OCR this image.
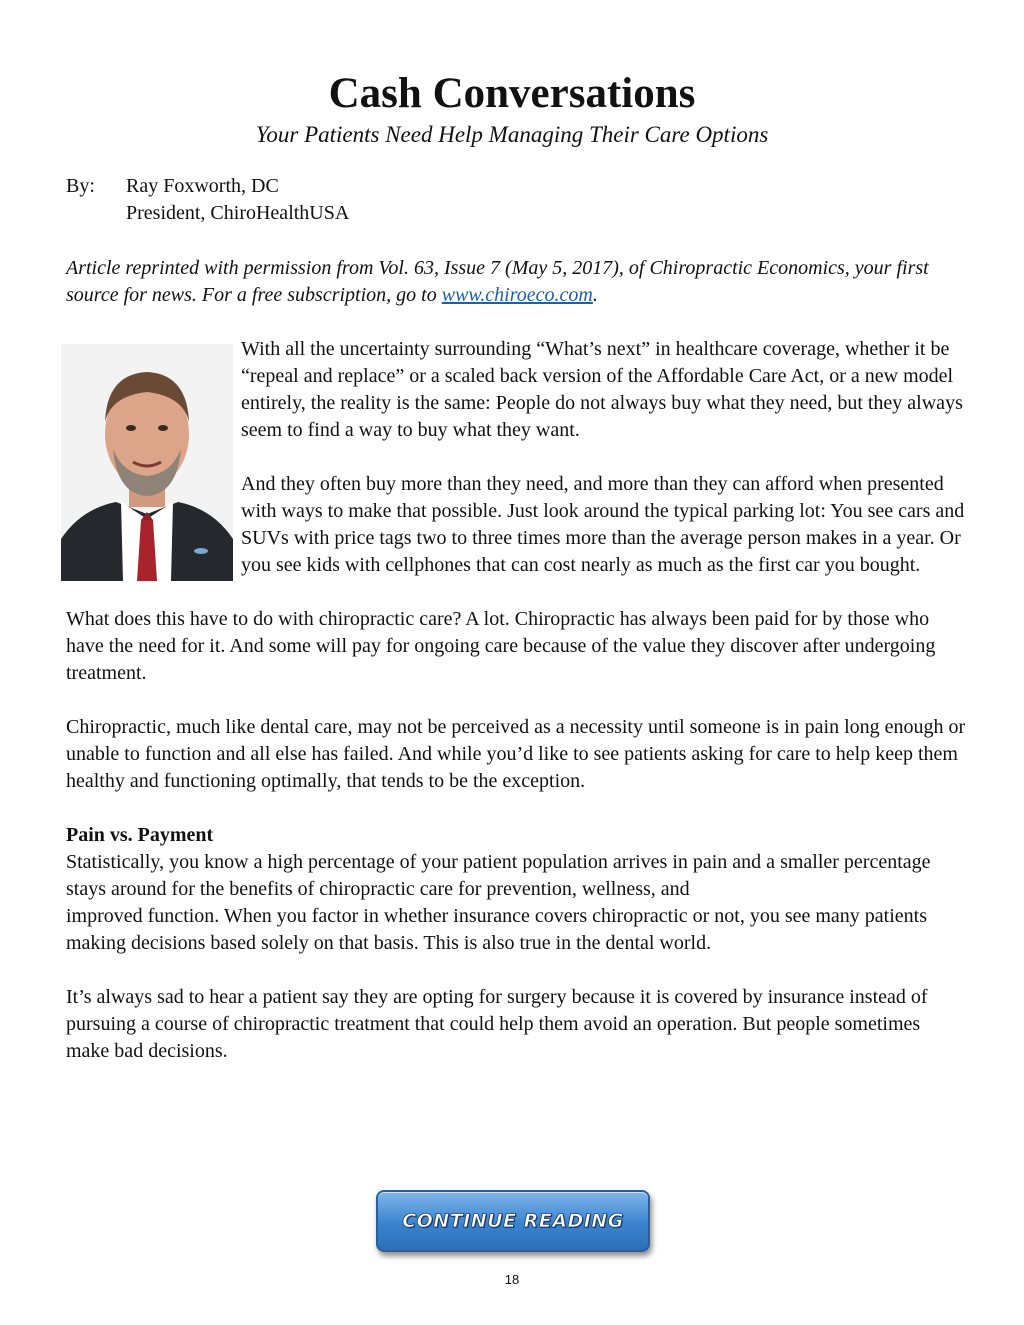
Cash Conversations
Your Patients Need Help Managing Their Care Options
By:	Ray Foxworth, DC
President, ChiroHealthUSA

Article reprinted with permission from Vol. 63, Issue 7 (May 5, 2017), of Chiropractic Economics, your first source for news. For a free subscription, go to www.chiroeco.com.

With all the uncertainty surrounding “What’s next” in healthcare coverage, whether it be “repeal and replace” or a scaled back version of the Affordable Care Act, or a new model entirely, the reality is the same: People do not always buy what they need, but they always seem to find a way to buy what they want.

And they often buy more than they need, and more than they can afford when presented with ways to make that possible. Just look around the typical parking lot: You see cars and SUVs with price tags two to three times more than the average person makes in a year. Or you see kids with cellphones that can cost nearly as much as the first car you bought.

What does this have to do with chiropractic care? A lot. Chiropractic has always been paid for by those who have the need for it. And some will pay for ongoing care because of the value they discover after undergoing treatment.

Chiropractic, much like dental care, may not be perceived as a necessity until someone is in pain long enough or unable to function and all else has failed. And while you’d like to see patients asking for care to help keep them healthy and functioning optimally, that tends to be the exception.

Pain vs. Payment
Statistically, you know a high percentage of your patient population arrives in pain and a smaller percentage stays around for the benefits of chiropractic care for prevention, wellness, and

improved function. When you factor in whether insurance covers chiropractic or not, you see many patients making decisions based solely on that basis. This is also true in the dental world.

It’s always sad to hear a patient say they are opting for surgery because it is covered by insurance instead of pursuing a course of chiropractic treatment that could help them avoid an operation. But people sometimes make bad decisions.

CONTINUE READING
18
